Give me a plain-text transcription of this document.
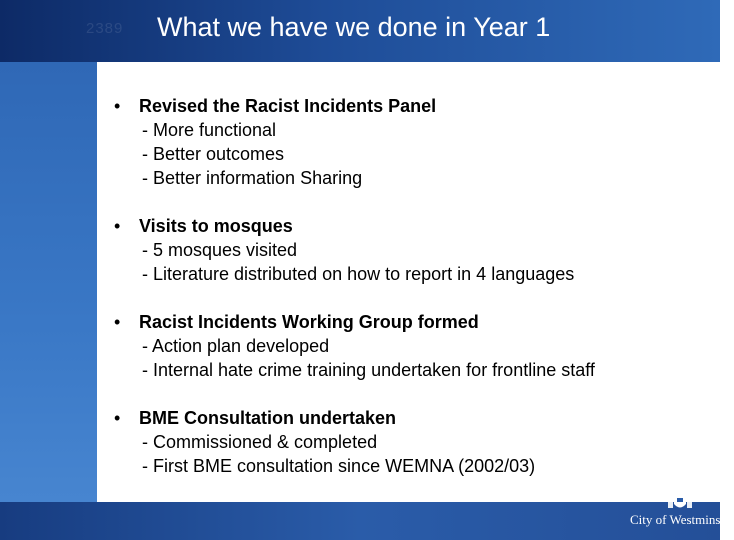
2389 What we have we done in Year 1
•	Revised the Racist Incidents Panel
- More functional
- Better outcomes
- Better information Sharing
•	Visits to mosques
- 5 mosques visited
- Literature distributed on how to report in 4 languages
•	Racist Incidents Working Group formed
- Action plan developed
- Internal hate crime training undertaken for frontline staff
•	BME Consultation undertaken
- Commissioned & completed
- First BME consultation since WEMNA (2002/03)
City of Westminster
